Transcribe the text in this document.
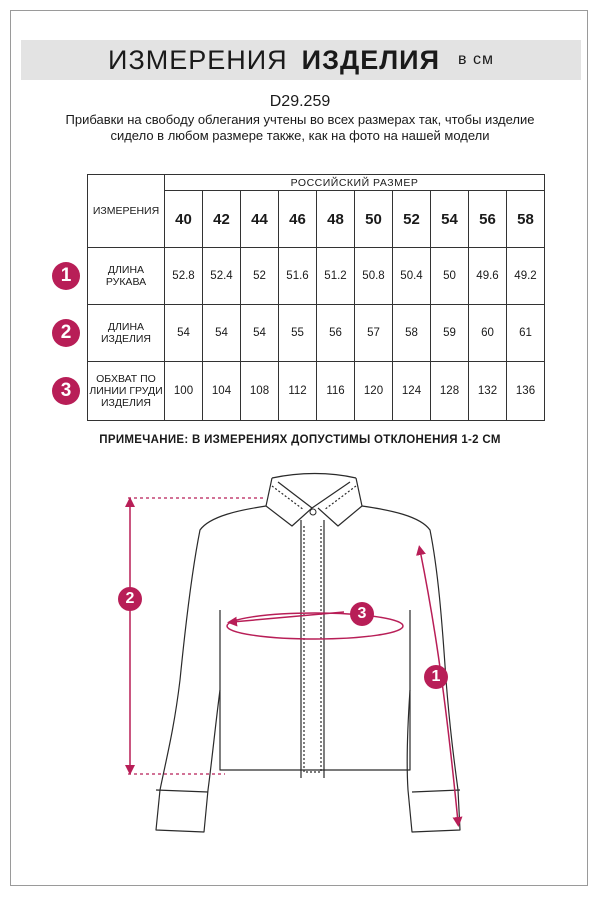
ИЗМЕРЕНИЯ ИЗДЕЛИЯ в см
D29.259
Прибавки на свободу облегания учтены во всех размерах так, чтобы изделие сидело в любом размере также, как на фото на нашей модели
ИЗМЕРЕНИЯ	РОССИЙСКИЙ РАЗМЕР									
	40	42	44	46	48	50	52	54	56	58
ДЛИНА РУКАВА	52.8	52.4	52	51.6	51.2	50.8	50.4	50	49.6	49.2
ДЛИНА ИЗДЕЛИЯ	54	54	54	55	56	57	58	59	60	61
ОБХВАТ ПО ЛИНИИ ГРУДИ ИЗДЕЛИЯ	100	104	108	112	116	120	124	128	132	136
1
2
3
ПРИМЕЧАНИЕ: В ИЗМЕРЕНИЯХ ДОПУСТИМЫ ОТКЛОНЕНИЯ 1-2 СМ
2
3
1
